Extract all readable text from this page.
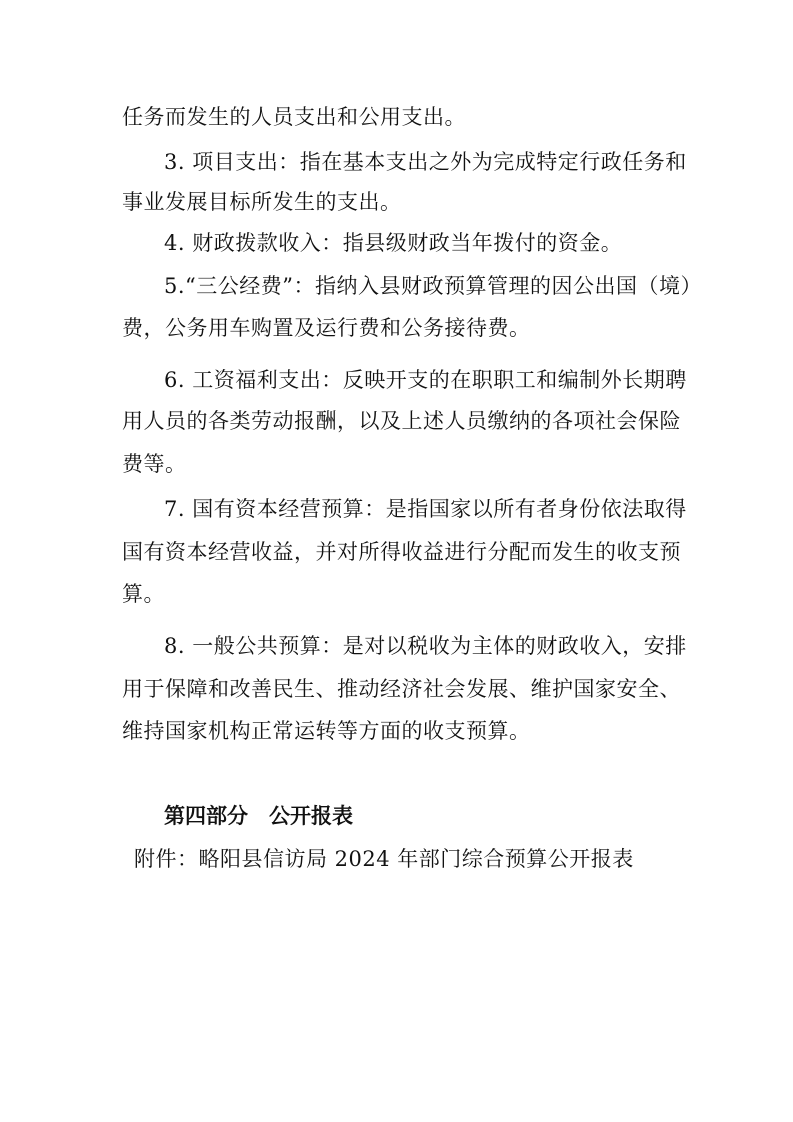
任务而发生的人员支出和公用支出。
3. 项目支出：指在基本支出之外为完成特定行政任务和
事业发展目标所发生的支出。
4. 财政拨款收入：指县级财政当年拨付的资金。
5.“三公经费”：指纳入县财政预算管理的因公出国（境）
费，公务用车购置及运行费和公务接待费。
6. 工资福利支出：反映开支的在职职工和编制外长期聘
用人员的各类劳动报酬，以及上述人员缴纳的各项社会保险
费等。
7. 国有资本经营预算：是指国家以所有者身份依法取得
国有资本经营收益，并对所得收益进行分配而发生的收支预
算。
8. 一般公共预算：是对以税收为主体的财政收入，安排
用于保障和改善民生、推动经济社会发展、维护国家安全、
维持国家机构正常运转等方面的收支预算。
第四部分　公开报表
附件：略阳县信访局 2024 年部门综合预算公开报表
